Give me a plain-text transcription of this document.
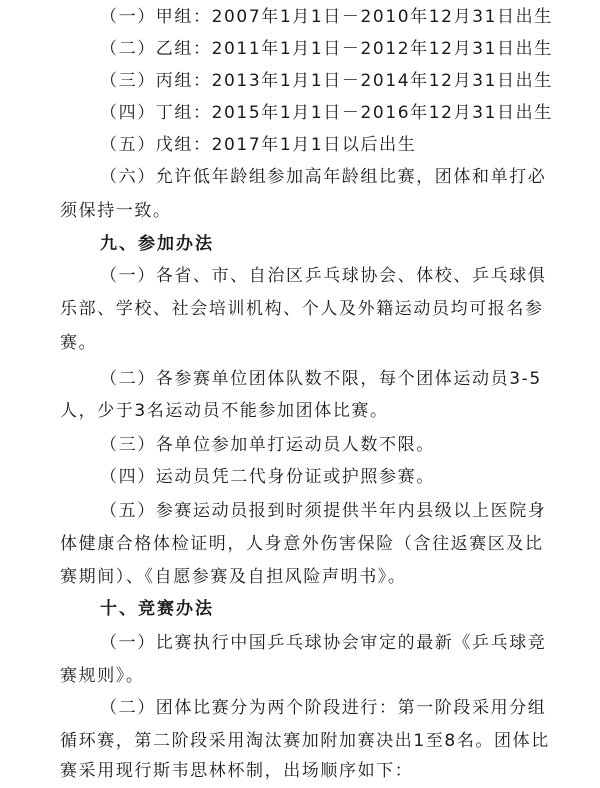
（一）甲组：2007年1月1日－2010年12月31日出生
（二）乙组：2011年1月1日－2012年12月31日出生
（三）丙组：2013年1月1日－2014年12月31日出生
（四）丁组：2015年1月1日－2016年12月31日出生
（五）戊组：2017年1月1日以后出生
（六）允许低年龄组参加高年龄组比赛，团体和单打必
须保持一致。
九、参加办法
（一）各省、市、自治区乒乓球协会、体校、乒乓球俱
乐部、学校、社会培训机构、个人及外籍运动员均可报名参
赛。
（二）各参赛单位团体队数不限，每个团体运动员3-5
人，少于3名运动员不能参加团体比赛。
（三）各单位参加单打运动员人数不限。
（四）运动员凭二代身份证或护照参赛。
（五）参赛运动员报到时须提供半年内县级以上医院身
体健康合格体检证明，人身意外伤害保险（含往返赛区及比
赛期间）、《自愿参赛及自担风险声明书》。
十、竞赛办法
（一）比赛执行中国乒乓球协会审定的最新《乒乓球竞
赛规则》。
（二）团体比赛分为两个阶段进行：第一阶段采用分组
循环赛，第二阶段采用淘汰赛加附加赛决出1至8名。团体比
赛采用现行斯韦思林杯制，出场顺序如下：
